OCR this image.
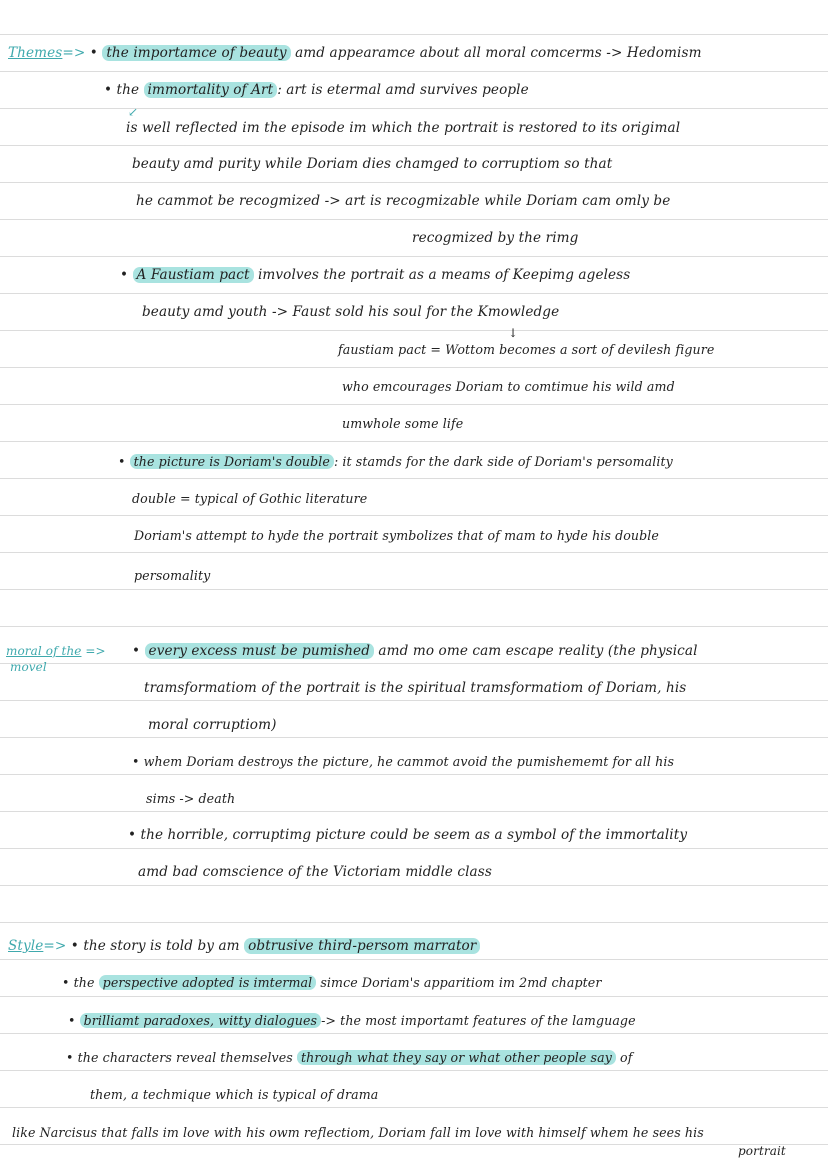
Themes=> • the importamce of beauty amd appearamce about all moral comcerms -> Hedomism
• the immortality of Art : art is etermal amd survives people
↙
is well reflected im the episode im which the portrait is restored to its origimal
beauty amd purity while Doriam dies chamged to corruptiom so that
he cammot be recogmized -> art is recogmizable while Doriam cam omly be
recogmized by the rimg
• A Faustiam pact imvolves the portrait as a meams of Keepimg ageless
beauty amd youth -> Faust sold his soul for the Kmowledge
↓
faustiam pact = Wottom becomes a sort of devilesh figure
who emcourages Doriam to comtimue his wild amd
umwhole some life
• the picture is Doriam's double : it stamds for the dark side of Doriam's persomality
double = typical of Gothic literature
Doriam's attempt to hyde the portrait symbolizes that of mam to hyde his double
persomality
moral of the =>
movel
• every excess must be pumished amd mo ome cam escape reality (the physical
tramsformatiom of the portrait is the spiritual tramsformatiom of Doriam, his
moral corruptiom)
• whem Doriam destroys the picture, he cammot avoid the pumishememt for all his
sims -> death
• the horrible, corruptimg picture could be seem as a symbol of the immortality
amd bad comscience of the Victoriam middle class
Style=> • the story is told by am obtrusive third-persom marrator
• the perspective adopted is imtermal simce Doriam's apparitiom im 2md chapter
• brilliamt paradoxes, witty dialogues -> the most importamt features of the lamguage
• the characters reveal themselves through what they say or what other people say of
them, a techmique which is typical of drama
like Narcisus that falls im love with his owm reflectiom, Doriam fall im love with himself whem he sees his
portrait
